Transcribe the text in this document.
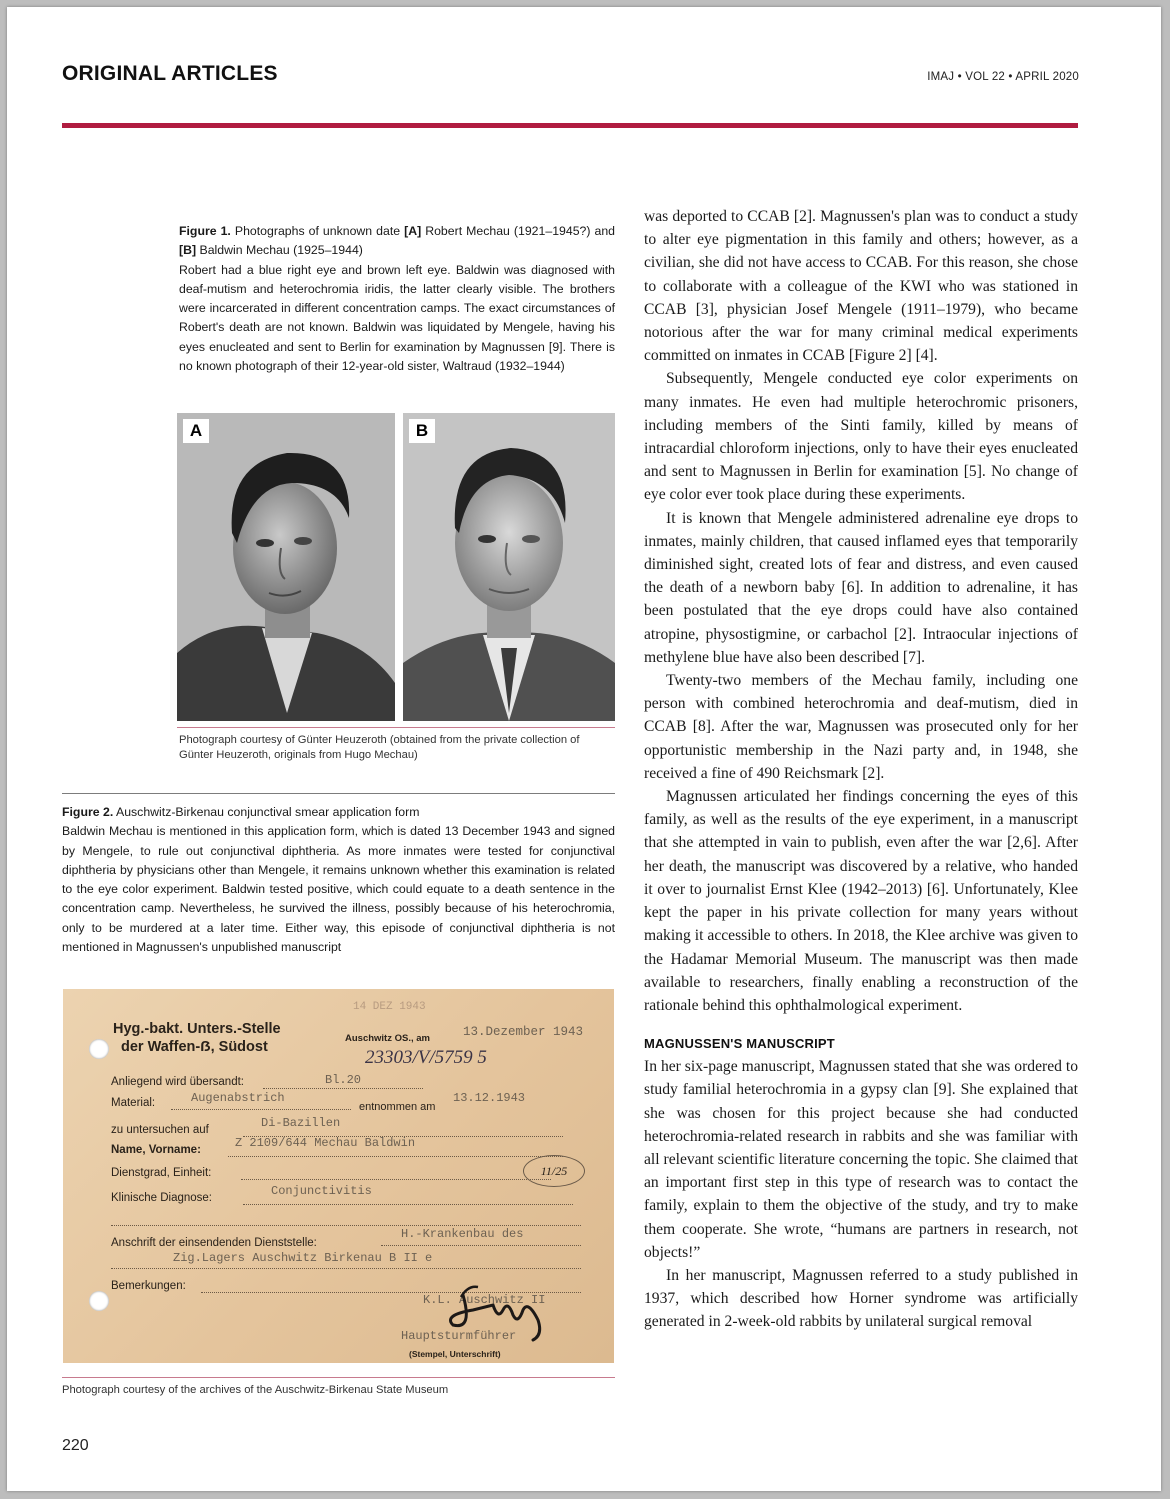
ORIGINAL ARTICLES	IMAJ • VOL 22 • APRIL 2020
Figure 1. Photographs of unknown date [A] Robert Mechau (1921–1945?) and [B] Baldwin Mechau (1925–1944)
Robert had a blue right eye and brown left eye. Baldwin was diagnosed with deaf-mutism and heterochromia iridis, the latter clearly visible. The brothers were incarcerated in different concentration camps. The exact circumstances of Robert's death are not known. Baldwin was liquidated by Mengele, having his eyes enucleated and sent to Berlin for examination by Magnussen [9]. There is no known photograph of their 12-year-old sister, Waltraud (1932–1944)
A	B
Photograph courtesy of Günter Heuzeroth (obtained from the private collection of Günter Heuzeroth, originals from Hugo Mechau)
Figure 2. Auschwitz-Birkenau conjunctival smear application form
Baldwin Mechau is mentioned in this application form, which is dated 13 December 1943 and signed by Mengele, to rule out conjunctival diphtheria. As more inmates were tested for conjunctival diphtheria by physicians other than Mengele, it remains unknown whether this examination is related to the eye color experiment. Baldwin tested positive, which could equate to a death sentence in the concentration camp. Nevertheless, he survived the illness, possibly because of his heterochromia, only to be murdered at a later time. Either way, this episode of conjunctival diphtheria is not mentioned in Magnussen's unpublished manuscript
14 DEZ 1943
Hyg.-bakt. Unters.-Stelle
der Waffen-ẞ, Südost
Auschwitz OS., am	13.Dezember 1943
23303/V/5759 5
Anliegend wird übersandt:	Bl.20
Material:	Augenabstrich
entnommen am
13.12.1943
zu untersuchen auf	Di-Bazillen
Name, Vorname:	Z 2109/644 Mechau Baldwin
Dienstgrad, Einheit:	11/25
Klinische Diagnose:	Conjunctivitis
Anschrift der einsendenden Dienststelle:
H.-Krankenbau des
Zig.Lagers Auschwitz Birkenau B II e
Bemerkungen:
K.L. Auschwitz II
Hauptsturmführer
(Stempel, Unterschrift)
Photograph courtesy of the archives of the Auschwitz-Birkenau State Museum
220

was deported to CCAB [2]. Magnussen's plan was to conduct a study to alter eye pigmentation in this family and others; however, as a civilian, she did not have access to CCAB. For this reason, she chose to collaborate with a colleague of the KWI who was stationed in CCAB [3], physician Josef Mengele (1911–1979), who became notorious after the war for many criminal medical experiments committed on inmates in CCAB [Figure 2] [4].

Subsequently, Mengele conducted eye color experiments on many inmates. He even had multiple heterochromic prisoners, including members of the Sinti family, killed by means of intracardial chloroform injections, only to have their eyes enucleated and sent to Magnussen in Berlin for examination [5]. No change of eye color ever took place during these experiments.

It is known that Mengele administered adrenaline eye drops to inmates, mainly children, that caused inflamed eyes that temporarily diminished sight, created lots of fear and distress, and even caused the death of a newborn baby [6]. In addition to adrenaline, it has been postulated that the eye drops could have also contained atropine, physostigmine, or carbachol [2]. Intraocular injections of methylene blue have also been described [7].

Twenty-two members of the Mechau family, including one person with combined heterochromia and deaf-mutism, died in CCAB [8]. After the war, Magnussen was prosecuted only for her opportunistic membership in the Nazi party and, in 1948, she received a fine of 490 Reichsmark [2].

Magnussen articulated her findings concerning the eyes of this family, as well as the results of the eye experiment, in a manuscript that she attempted in vain to publish, even after the war [2,6]. After her death, the manuscript was discovered by a relative, who handed it over to journalist Ernst Klee (1942–2013) [6]. Unfortunately, Klee kept the paper in his private collection for many years without making it accessible to others. In 2018, the Klee archive was given to the Hadamar Memorial Museum. The manuscript was then made available to researchers, finally enabling a reconstruction of the rationale behind this ophthalmological experiment.

MAGNUSSEN'S MANUSCRIPT

In her six-page manuscript, Magnussen stated that she was ordered to study familial heterochromia in a gypsy clan [9]. She explained that she was chosen for this project because she had conducted heterochromia-related research in rabbits and she was familiar with all relevant scientific literature concerning the topic. She claimed that an important first step in this type of research was to contact the family, explain to them the objective of the study, and try to make them cooperate. She wrote, “humans are partners in research, not objects!”

In her manuscript, Magnussen referred to a study published in 1937, which described how Horner syndrome was artificially generated in 2-week-old rabbits by unilateral surgical removal
